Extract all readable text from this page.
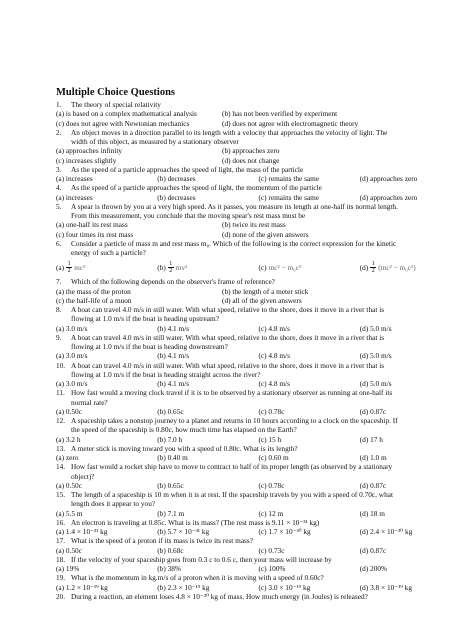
Multiple Choice Questions
1.	The theory of special relativity
(a) is based on a complex mathematical analysis	(b) has not been verified by experiment
(c) does not agree with Newtonian mechanics	(d) does not agree with electromagnetic theory
2.	An object moves in a direction parallel to its length with a velocity that approaches the velocity of light. The
width of this object, as measured by a stationary observer
(a) approaches infinity	(b) approaches zero
(c) increases slightly	(d) does not change
3.	As the speed of a particle approaches the speed of light, the mass of the particle
(a) increases	(b) decreases	(c) remains the same	(d) approaches zero
4.	As the speed of a particle approaches the speed of light, the momentum of the particle
(a) increases	(b) decreases	(c) remains the same	(d) approaches zero
5.	A spear is thrown by you at a very high speed. As it passes, you measure its length at one-half its normal length.
From this measurement, you conclude that the moving spear's rest mass must be
(a) one-half its rest mass	(b) twice its rest mass
(c) four times its rest mass	(d) none of the given answers
6.	Consider a particle of mass m and rest mass m₀. Which of the following is the correct expression for the kinetic
energy of such a particle?
$(a) \frac{1}{2} mc^2$	$(b) \frac{1}{2} mv^2$	(c) mc² − m₀c²	$(d) \frac{1}{2} (mc^2 - m_0c^2)$
7.	Which of the following depends on the observer's frame of reference?
(a) the mass of the proton	(b) the length of a meter stick
(c) the half-life of a muon	(d) all of the given answers
8.	A boat can travel 4.0 m/s in still water. With what speed, relative to the shore, does it move in a river that is
flowing at 1.0 m/s if the boat is heading upstream?
(a) 3.0 m/s	(b) 4.1 m/s	(c) 4.8 m/s	(d) 5.0 m/s
9.	A boat can travel 4.0 m/s in still water. With what speed, relative to the shore, does it move in a river that is
flowing at 1.0 m/s if the boat is heading downstream?
(a) 3.0 m/s	(b) 4.1 m/s	(c) 4.8 m/s	(d) 5.0 m/s
10. A boat can travel 4.0 m/s in still water. With what speed, relative to the shore, does it move in a river that is
flowing at 1.0 m/s if the boat is heading straight across the river?
(a) 3.0 m/s	(b) 4.1 m/s	(c) 4.8 m/s	(d) 5.0 m/s
11. How fast would a moving clock travel if it is to be observed by a stationary observer as running at one-half its
normal rate?
(a) 0.50c	(b) 0.65c	(c) 0.78c	(d) 0.87c
12. A spaceship takes a nonstop journey to a planet and returns in 10 hours according to a clock on the spaceship. If
the speed of the spaceship is 0.80c, how much time has elapsed on the Earth?
(a) 3.2 h	(b) 7.0 h	(c) 15 h	(d) 17 h
13. A meter stick is moving toward you with a speed of 0.80c. What is its length?
(a) zero	(b) 0.40 m	(c) 0.60 m	(d) 1.0 m
14. How fast would a rocket ship have to move to contract to half of its proper length (as observed by a stationary
object)?
(a) 0.50c	(b) 0.65c	(c) 0.78c	(d) 0.87c
15. The length of a spaceship is 10 m when it is at rest. If the spaceship travels by you with a speed of 0.70c, what
length does it appear to you?
(a) 5.5 m	(b) 7.1 m	(c) 12 m	(d) 18 m
16. An electron is traveling at 0.85c. What is its mass? (The rest mass is 9.11 × 10⁻³¹ kg)
(a) 1.4 × 10⁻³¹ kg	(b) 5.7 × 10⁻³¹ kg	(c) 1.7 × 10⁻³⁰ kg	(d) 2.4 × 10⁻³⁰ kg
17. What is the speed of a proton if its mass is twice its rest mass?
(a) 0.50c	(b) 0.68c	(c) 0.73c	(d) 0.87c
18. If the velocity of your spaceship goes from 0.3 c to 0.6 c, then your mass will increase by
(a) 19%	(b) 38%	(c) 100%	(d) 200%
19. What is the momentum in kg.m/s of a proton when it is moving with a speed of 0.60c?
(a) 1.2 × 10⁻¹⁹ kg	(b) 2.3 × 10⁻¹⁹ kg	(c) 3.0 × 10⁻¹⁹ kg	(d) 3.8 × 10⁻¹⁹ kg
20. During a reaction, an element loses 4.8 × 10⁻³⁰ kg of mass. How much energy (in Joules) is released?
